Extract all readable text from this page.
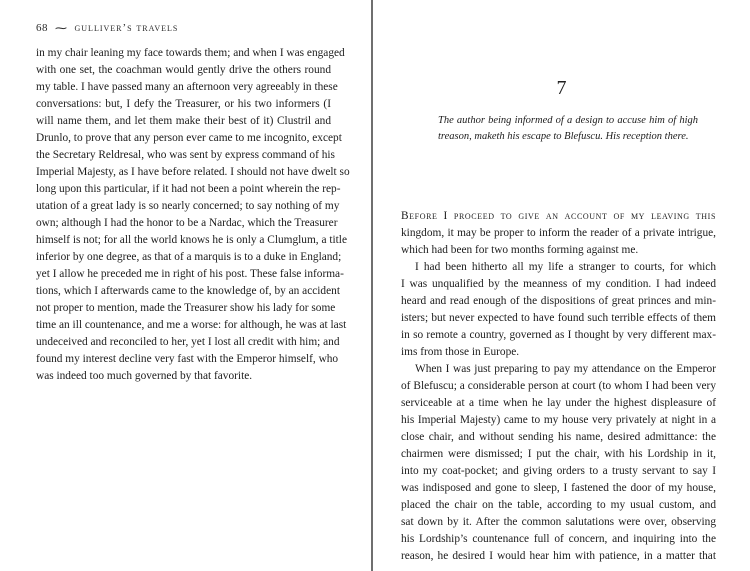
68 ⁓ gulliver’s travels

in my chair leaning my face towards them; and when I was engaged
with one set, the coachman would gently drive the others round
my table. I have passed many an afternoon very agreeably in these
conversations: but, I defy the Treasurer, or his two informers (I
will name them, and let them make their best of it) Clustril and
Drunlo, to prove that any person ever came to me incognito, except
the Secretary Reldresal, who was sent by express command of his
Imperial Majesty, as I have before related. I should not have dwelt so
long upon this particular, if it had not been a point wherein the rep-
utation of a great lady is so nearly concerned; to say nothing of my
own; although I had the honor to be a Nardac, which the Treasurer
himself is not; for all the world knows he is only a Clumglum, a title
inferior by one degree, as that of a marquis is to a duke in England;
yet I allow he preceded me in right of his post. These false informa-
tions, which I afterwards came to the knowledge of, by an accident
not proper to mention, made the Treasurer show his lady for some
time an ill countenance, and me a worse: for although, he was at last
undeceived and reconciled to her, yet I lost all credit with him; and
found my interest decline very fast with the Emperor himself, who
was indeed too much governed by that favorite.

7

The author being informed of a design to accuse him of high
treason, maketh his escape to Blefuscu. His reception there.

Before I proceed to give an account of my leaving this
kingdom, it may be proper to inform the reader of a private intrigue,
which had been for two months forming against me.

I had been hitherto all my life a stranger to courts, for which
I was unqualified by the meanness of my condition. I had indeed
heard and read enough of the dispositions of great princes and min-
isters; but never expected to have found such terrible effects of them
in so remote a country, governed as I thought by very different max-
ims from those in Europe.

When I was just preparing to pay my attendance on the Emperor
of Blefuscu; a considerable person at court (to whom I had been very
serviceable at a time when he lay under the highest displeasure of
his Imperial Majesty) came to my house very privately at night in a
close chair, and without sending his name, desired admittance: the
chairmen were dismissed; I put the chair, with his Lordship in it,
into my coat-pocket; and giving orders to a trusty servant to say I
was indisposed and gone to sleep, I fastened the door of my house,
placed the chair on the table, according to my usual custom, and
sat down by it. After the common salutations were over, observing
his Lordship’s countenance full of concern, and inquiring into the
reason, he desired I would hear him with patience, in a matter that
